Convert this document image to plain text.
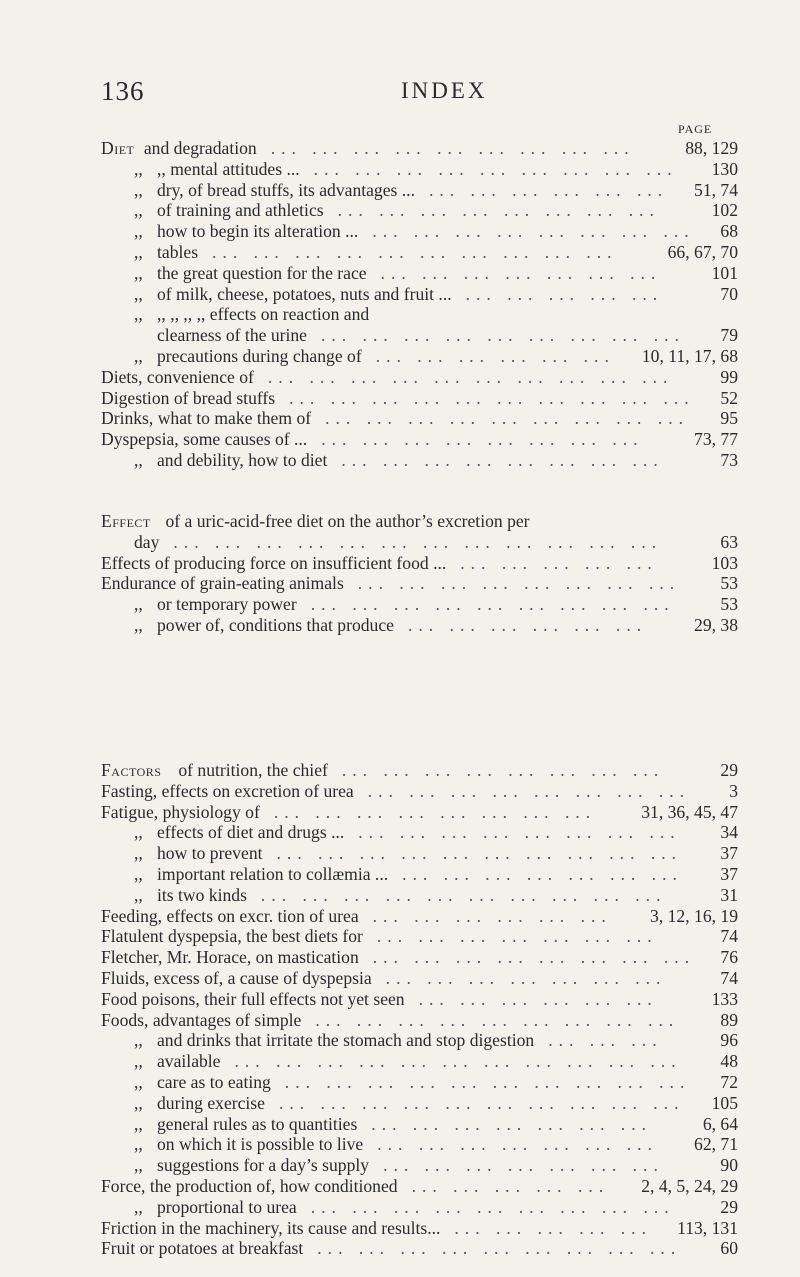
136	INDEX
PAGE
Diet and degradation	88, 129
... ... ... ... ... ... ... ... ...
,, ,, mental attitudes ...	130
... ... ... ... ... ... ... ... ...
,, dry, of bread stuffs, its advantages ...	51, 74
... ... ... ... ... ...
,, of training and athletics	102
... ... ... ... ... ... ... ...
,, how to begin its alteration ...	68
... ... ... ... ... ... ... ...
,, tables	66, 67, 70
... ... ... ... ... ... ... ... ... ...
,, the great question for the race	101
... ... ... ... ... ... ...
,, of milk, cheese, potatoes, nuts and fruit ...	70
... ... ... ... ...
,, ,, ,, ,, ,, effects on reaction and
clearness of the urine	79
... ... ... ... ... ... ... ... ...
,, precautions during change of	10, 11, 17, 68
... ... ... ... ... ...
Diets, convenience of	99
... ... ... ... ... ... ... ... ... ...
Digestion of bread stuffs	52
... ... ... ... ... ... ... ... ... ...
Drinks, what to make them of	95
... ... ... ... ... ... ... ... ...
Dyspepsia, some causes of ...	73, 77
... ... ... ... ... ... ... ...
,, and debility, how to diet	73
... ... ... ... ... ... ... ...
Effect of a uric-acid-free diet on the author’s excretion per
day	63
... ... ... ... ... ... ... ... ... ... ... ...
Effects of producing force on insufficient food ...	103
... ... ... ... ...
Endurance of grain-eating animals	53
... ... ... ... ... ... ... ...
,, or temporary power	53
... ... ... ... ... ... ... ... ...
,, power of, conditions that produce	29, 38
... ... ... ... ... ...
Factors of nutrition, the chief	29
... ... ... ... ... ... ... ...
Fasting, effects on excretion of urea	3
... ... ... ... ... ... ... ...
Fatigue, physiology of	31, 36, 45, 47
... ... ... ... ... ... ... ...
,, effects of diet and drugs ...	34
... ... ... ... ... ... ... ...
,, how to prevent	37
... ... ... ... ... ... ... ... ... ...
,, important relation to collæmia ...	37
... ... ... ... ... ... ...
,, its two kinds	31
... ... ... ... ... ... ... ... ... ...
Feeding, effects on excr. tion of urea	3, 12, 16, 19
... ... ... ... ... ...
Flatulent dyspepsia, the best diets for	74
... ... ... ... ... ... ...
Fletcher, Mr. Horace, on mastication	76
... ... ... ... ... ... ... ...
Fluids, excess of, a cause of dyspepsia	74
... ... ... ... ... ... ...
Food poisons, their full effects not yet seen	133
... ... ... ... ... ...
Foods, advantages of simple	89
... ... ... ... ... ... ... ... ...
,, and drinks that irritate the stomach and stop digestion	96
... ... ...
,, available	48
... ... ... ... ... ... ... ... ... ... ...
,, care as to eating	72
... ... ... ... ... ... ... ... ... ...
,, during exercise	105
... ... ... ... ... ... ... ... ... ...
,, general rules as to quantities	6, 64
... ... ... ... ... ... ...
,, on which it is possible to live	62, 71
... ... ... ... ... ... ...
,, suggestions for a day’s supply	90
... ... ... ... ... ... ...
Force, the production of, how conditioned	2, 4, 5, 24, 29
... ... ... ... ...
,, proportional to urea	29
... ... ... ... ... ... ... ... ...
Friction in the machinery, its cause and results...	113, 131
... ... ... ... ...
Fruit or potatoes at breakfast	60
... ... ... ... ... ... ... ... ...
